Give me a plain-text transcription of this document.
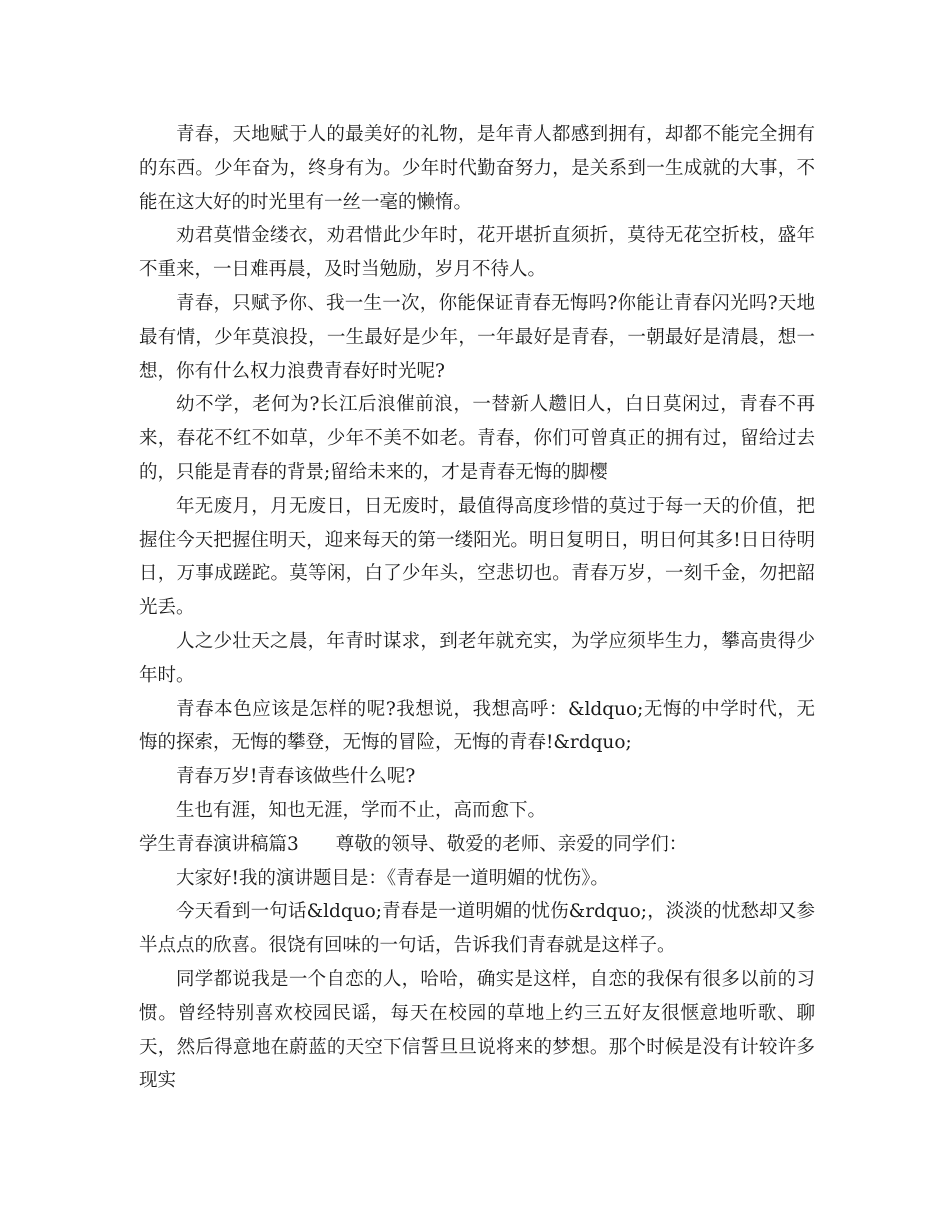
青春，天地赋于人的最美好的礼物，是年青人都感到拥有，却都不能完全拥有的东西。少年奋为，终身有为。少年时代勤奋努力，是关系到一生成就的大事，不能在这大好的时光里有一丝一毫的懒惰。

劝君莫惜金缕衣，劝君惜此少年时，花开堪折直须折，莫待无花空折枝，盛年不重来，一日难再晨，及时当勉励，岁月不待人。

青春，只赋予你、我一生一次，你能保证青春无悔吗?你能让青春闪光吗?天地最有情，少年莫浪投，一生最好是少年，一年最好是青春，一朝最好是清晨，想一想，你有什么权力浪费青春好时光呢?

幼不学，老何为?长江后浪催前浪，一替新人趱旧人，白日莫闲过，青春不再来，春花不红不如草，少年不美不如老。青春，你们可曾真正的拥有过，留给过去的，只能是青春的背景;留给未来的，才是青春无悔的脚樱

年无废月，月无废日，日无废时，最值得高度珍惜的莫过于每一天的价值，把握住今天把握住明天，迎来每天的第一缕阳光。明日复明日，明日何其多!日日待明日，万事成蹉跎。莫等闲，白了少年头，空悲切也。青春万岁，一刻千金，勿把韶光丢。

人之少壮天之晨，年青时谋求，到老年就充实，为学应须毕生力，攀高贵得少年时。

青春本色应该是怎样的呢?我想说，我想高呼：&ldquo;无悔的中学时代，无悔的探索，无悔的攀登，无悔的冒险，无悔的青春!&rdquo;

青春万岁!青春该做些什么呢?

生也有涯，知也无涯，学而不止，高而愈下。

学生青春演讲稿篇3　　尊敬的领导、敬爱的老师、亲爱的同学们：

大家好!我的演讲题目是：《青春是一道明媚的忧伤》。

今天看到一句话&ldquo;青春是一道明媚的忧伤&rdquo;，淡淡的忧愁却又参半点点的欣喜。很饶有回味的一句话，告诉我们青春就是这样子。

同学都说我是一个自恋的人，哈哈，确实是这样，自恋的我保有很多以前的习惯。曾经特别喜欢校园民谣，每天在校园的草地上约三五好友很惬意地听歌、聊天，然后得意地在蔚蓝的天空下信誓旦旦说将来的梦想。那个时候是没有计较许多现实
